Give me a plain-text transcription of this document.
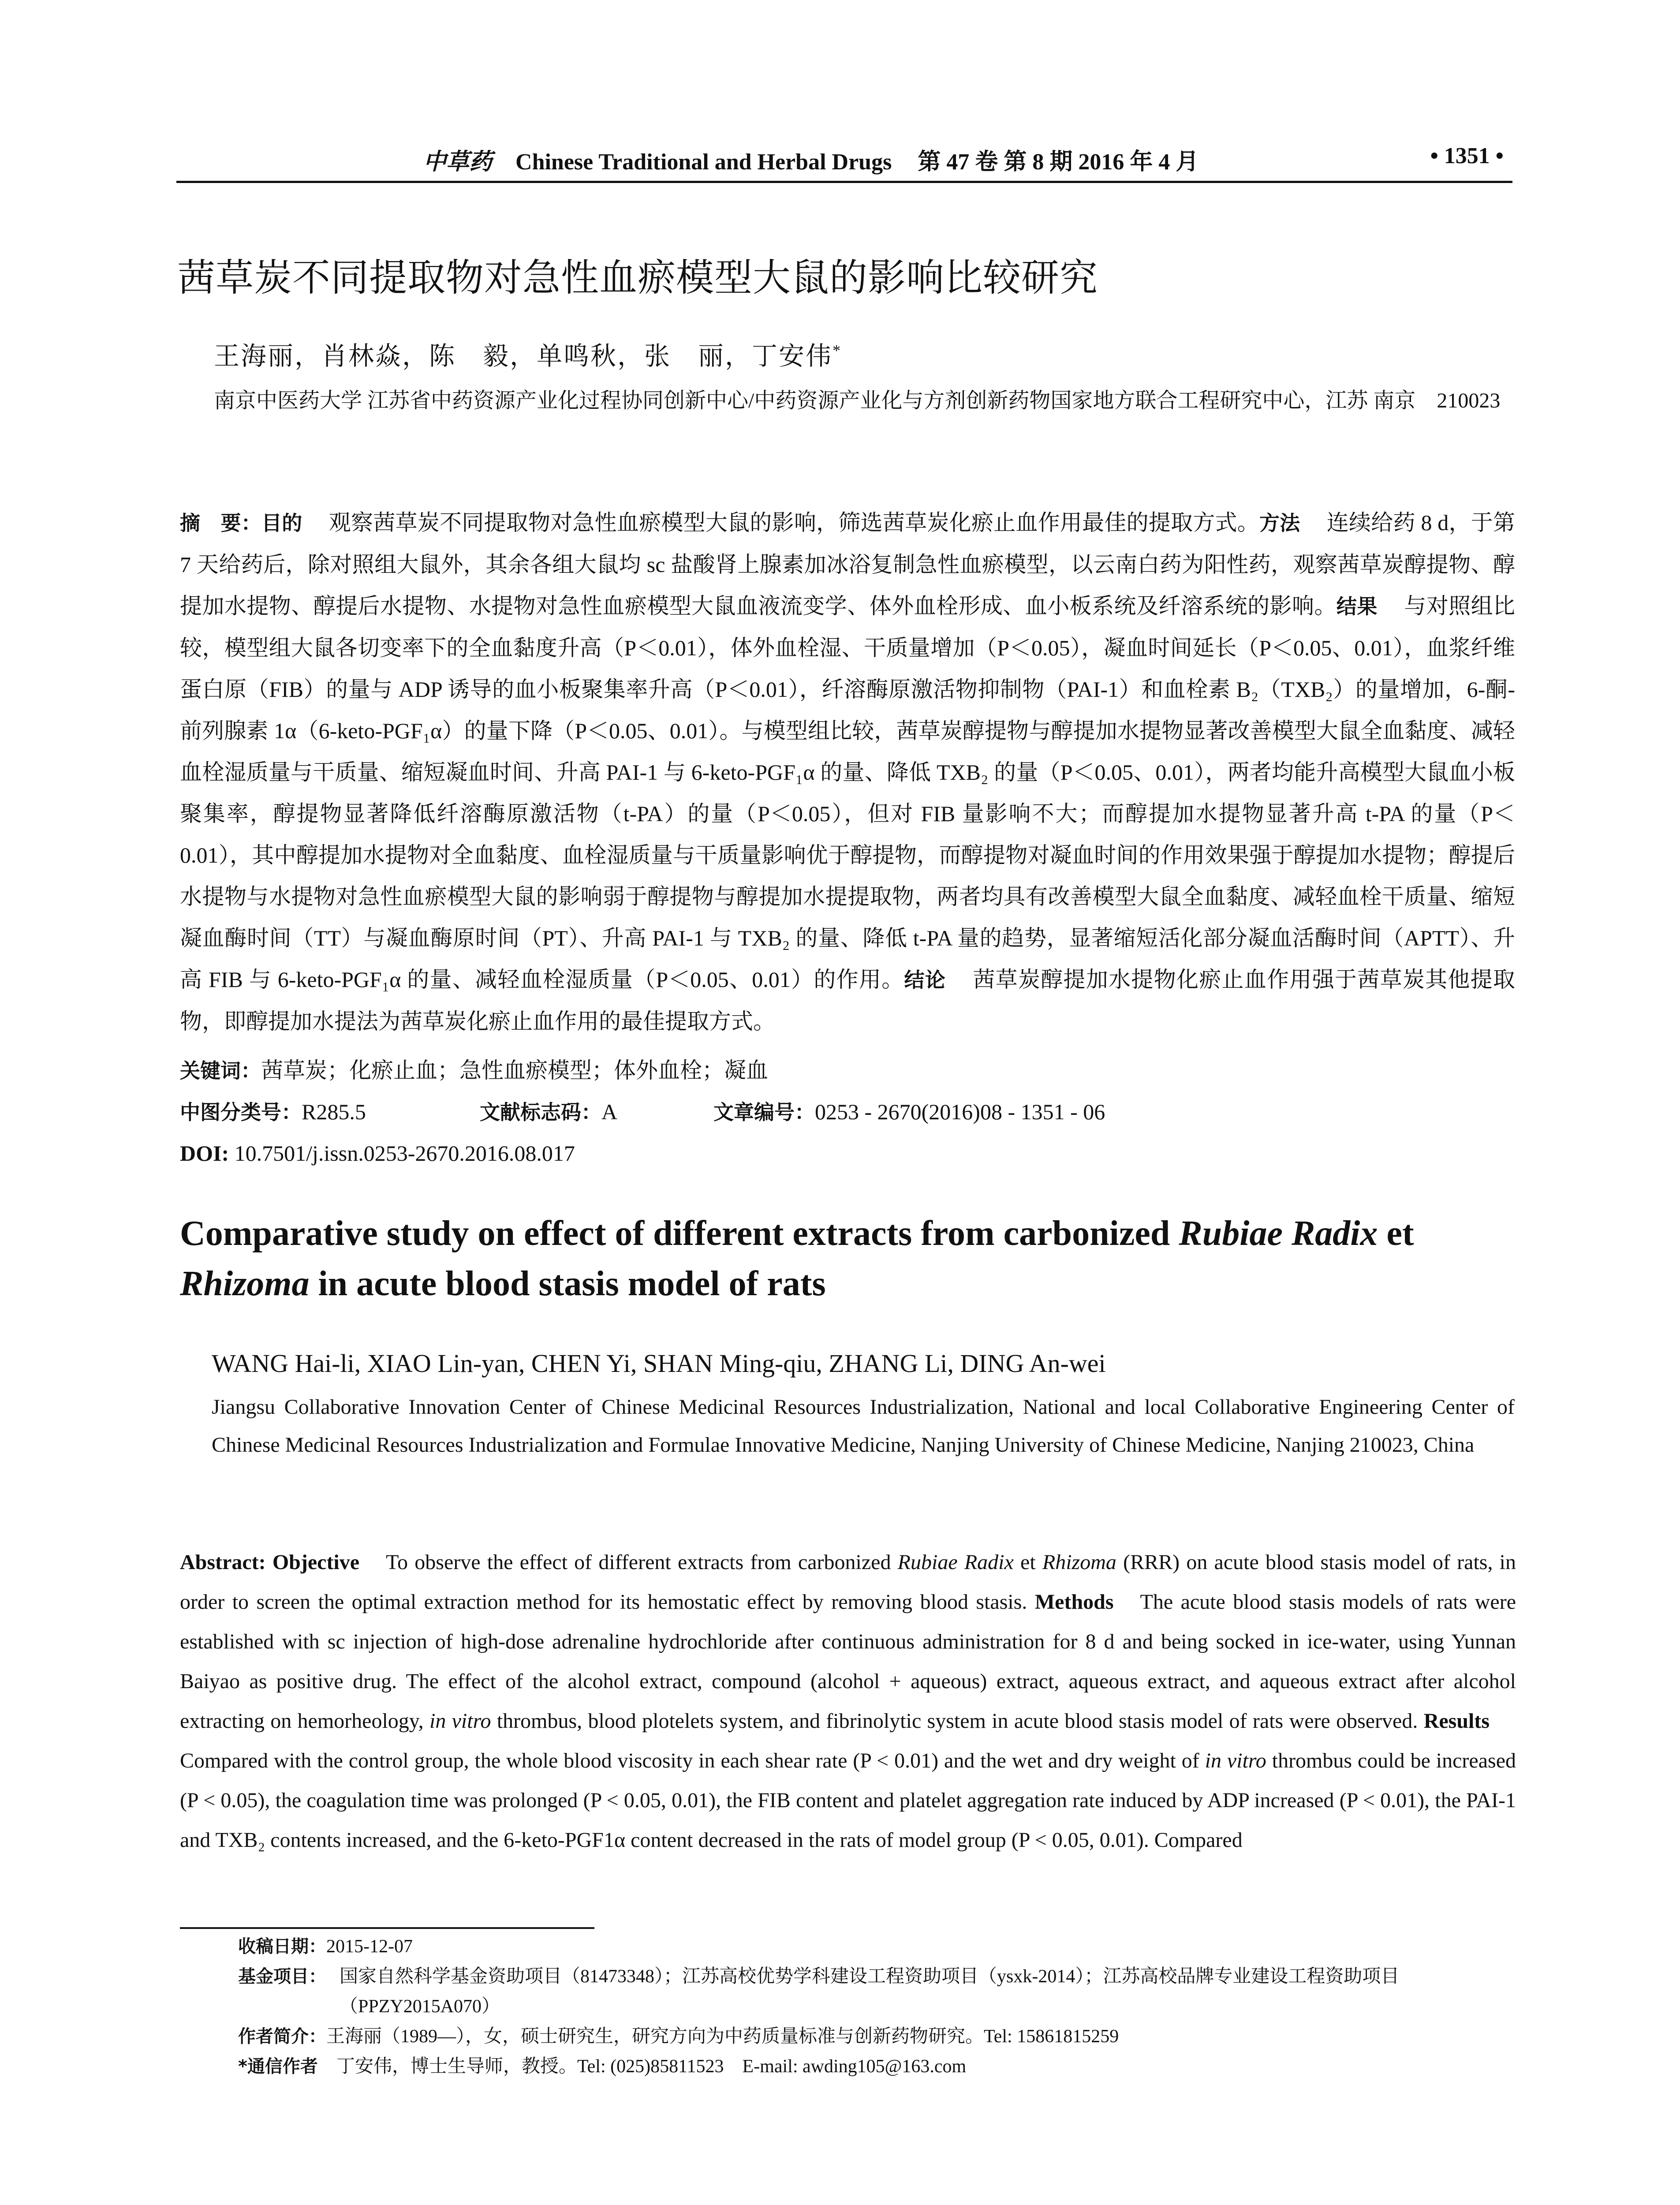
中草药 Chinese Traditional and Herbal Drugs 第 47 卷 第 8 期 2016 年 4 月	• 1351 •
茜草炭不同提取物对急性血瘀模型大鼠的影响比较研究
王海丽，肖林焱，陈　毅，单鸣秋，张　丽，丁安伟*
南京中医药大学 江苏省中药资源产业化过程协同创新中心/中药资源产业化与方剂创新药物国家地方联合工程研究中心，江苏 南京　210023
摘　要：目的 观察茜草炭不同提取物对急性血瘀模型大鼠的影响，筛选茜草炭化瘀止血作用最佳的提取方式。方法 连续给药 8 d，于第 7 天给药后，除对照组大鼠外，其余各组大鼠均 sc 盐酸肾上腺素加冰浴复制急性血瘀模型，以云南白药为阳性药，观察茜草炭醇提物、醇提加水提物、醇提后水提物、水提物对急性血瘀模型大鼠血液流变学、体外血栓形成、血小板系统及纤溶系统的影响。结果 与对照组比较，模型组大鼠各切变率下的全血黏度升高（P＜0.01），体外血栓湿、干质量增加（P＜0.05），凝血时间延长（P＜0.05、0.01），血浆纤维蛋白原（FIB）的量与 ADP 诱导的血小板聚集率升高（P＜0.01），纤溶酶原激活物抑制物（PAI-1）和血栓素 B₂（TXB₂）的量增加，6-酮-前列腺素 1α（6-keto-PGF₁α）的量下降（P＜0.05、0.01）。与模型组比较，茜草炭醇提物与醇提加水提物显著改善模型大鼠全血黏度、减轻血栓湿质量与干质量、缩短凝血时间、升高 PAI-1 与 6-keto-PGF₁α 的量、降低 TXB₂ 的量（P＜0.05、0.01），两者均能升高模型大鼠血小板聚集率，醇提物显著降低纤溶酶原激活物（t-PA）的量（P＜0.05），但对 FIB 量影响不大；而醇提加水提物显著升高 t-PA 的量（P＜0.01），其中醇提加水提物对全血黏度、血栓湿质量与干质量影响优于醇提物，而醇提物对凝血时间的作用效果强于醇提加水提物；醇提后水提物与水提物对急性血瘀模型大鼠的影响弱于醇提物与醇提加水提提取物，两者均具有改善模型大鼠全血黏度、减轻血栓干质量、缩短凝血酶时间（TT）与凝血酶原时间（PT）、升高 PAI-1 与 TXB₂ 的量、降低 t-PA 量的趋势，显著缩短活化部分凝血活酶时间（APTT）、升高 FIB 与 6-keto-PGF₁α 的量、减轻血栓湿质量（P＜0.05、0.01）的作用。结论 茜草炭醇提加水提物化瘀止血作用强于茜草炭其他提取物，即醇提加水提法为茜草炭化瘀止血作用的最佳提取方式。
关键词：茜草炭；化瘀止血；急性血瘀模型；体外血栓；凝血
中图分类号：R285.5	文献标志码：A	文章编号：0253 - 2670(2016)08 - 1351 - 06
DOI: 10.7501/j.issn.0253-2670.2016.08.017
Comparative study on effect of different extracts from carbonized Rubiae Radix et Rhizoma in acute blood stasis model of rats
WANG Hai-li, XIAO Lin-yan, CHEN Yi, SHAN Ming-qiu, ZHANG Li, DING An-wei
Jiangsu Collaborative Innovation Center of Chinese Medicinal Resources Industrialization, National and local Collaborative Engineering Center of Chinese Medicinal Resources Industrialization and Formulae Innovative Medicine, Nanjing University of Chinese Medicine, Nanjing 210023, China
Abstract: Objective To observe the effect of different extracts from carbonized Rubiae Radix et Rhizoma (RRR) on acute blood stasis model of rats, in order to screen the optimal extraction method for its hemostatic effect by removing blood stasis. Methods The acute blood stasis models of rats were established with sc injection of high-dose adrenaline hydrochloride after continuous administration for 8 d and being socked in ice-water, using Yunnan Baiyao as positive drug. The effect of the alcohol extract, compound (alcohol + aqueous) extract, aqueous extract, and aqueous extract after alcohol extracting on hemorheology, in vitro thrombus, blood plotelets system, and fibrinolytic system in acute blood stasis model of rats were observed. ResultsCompared with the control group, the whole blood viscosity in each shear rate (P < 0.01) and the wet and dry weight of in vitro thrombus could be increased (P < 0.05), the coagulation time was prolonged (P < 0.05, 0.01), the FIB content and platelet aggregation rate induced by ADP increased (P < 0.01), the PAI-1 and TXB₂ contents increased, and the 6-keto-PGF1α content decreased in the rats of model group (P < 0.05, 0.01). Compared
收稿日期：2015-12-07
基金项目： 国家自然科学基金资助项目（81473348）；江苏高校优势学科建设工程资助项目（ysxk-2014）；江苏高校品牌专业建设工程资助项目（PPZY2015A070）
作者简介：王海丽（1989—），女，硕士研究生，研究方向为中药质量标准与创新药物研究。Tel: 15861815259
*通信作者　 丁安伟，博士生导师，教授。Tel: (025)85811523　E-mail: awding105@163.com
